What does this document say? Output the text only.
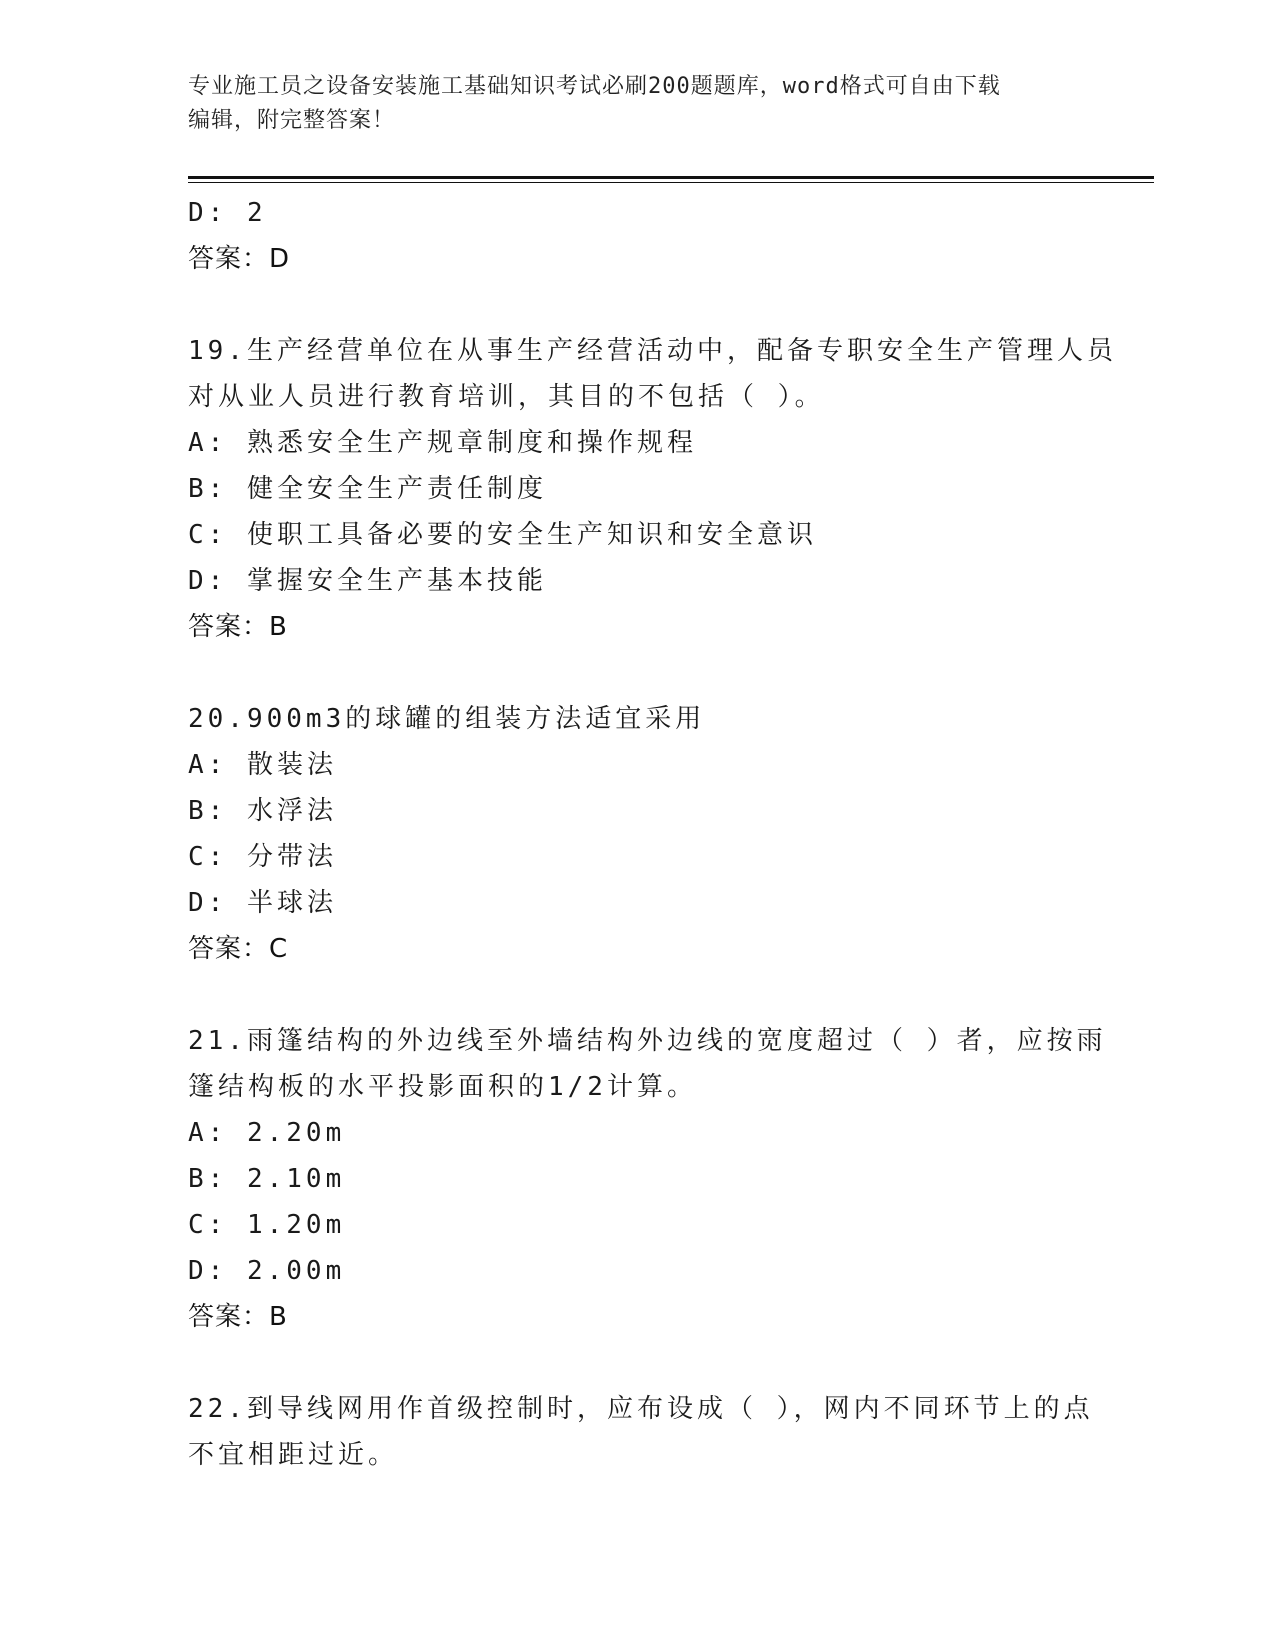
专业施工员之设备安装施工基础知识考试必刷200题题库，word格式可自由下载
编辑，附完整答案！
D: 2
答案：D
19.生产经营单位在从事生产经营活动中，配备专职安全生产管理人员
对从业人员进行教育培训，其目的不包括（ ）。
A: 熟悉安全生产规章制度和操作规程
B: 健全安全生产责任制度
C: 使职工具备必要的安全生产知识和安全意识
D: 掌握安全生产基本技能
答案：B
20.900m3的球罐的组装方法适宜采用
A: 散装法
B: 水浮法
C: 分带法
D: 半球法
答案：C
21.雨篷结构的外边线至外墙结构外边线的宽度超过（ ）者，应按雨
篷结构板的水平投影面积的1/2计算。
A: 2.20m
B: 2.10m
C: 1.20m
D: 2.00m
答案：B
22.到导线网用作首级控制时，应布设成（ ），网内不同环节上的点
不宜相距过近。
